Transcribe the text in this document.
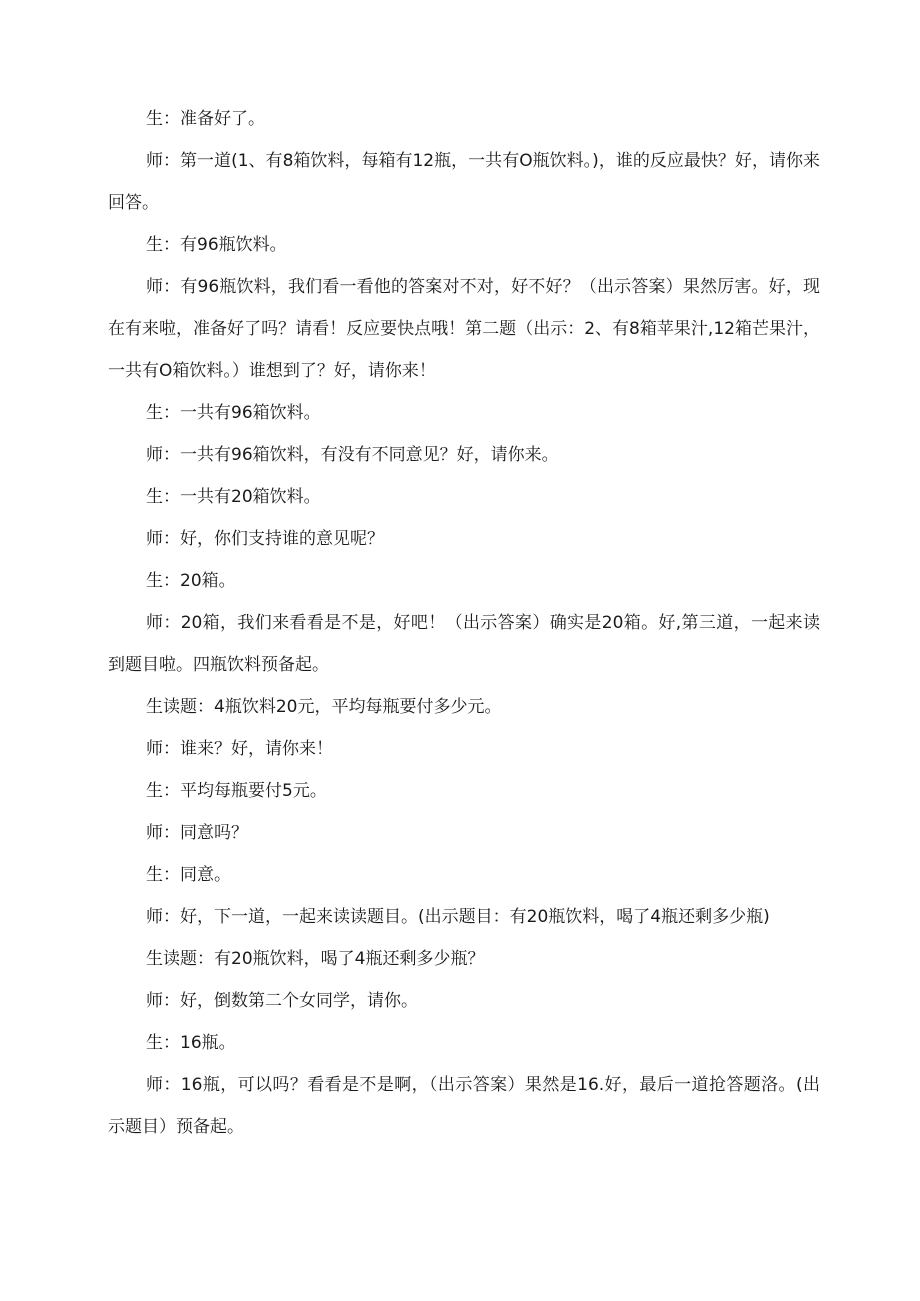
生：准备好了。

师：第一道(1、有8箱饮料，每箱有12瓶，一共有O瓶饮料。)，谁的反应最快？好，请你来回答。

生：有96瓶饮料。

师：有96瓶饮料，我们看一看他的答案对不对，好不好？（出示答案）果然厉害。好，现在有来啦，准备好了吗？请看！反应要快点哦！第二题（出示：2、有8箱苹果汁,12箱芒果汁，一共有O箱饮料。）谁想到了？好，请你来！

生：一共有96箱饮料。

师：一共有96箱饮料，有没有不同意见？好，请你来。

生：一共有20箱饮料。

师：好，你们支持谁的意见呢？

生：20箱。

师：20箱，我们来看看是不是，好吧！（出示答案）确实是20箱。好,第三道，一起来读到题目啦。四瓶饮料预备起。

生读题：4瓶饮料20元，平均每瓶要付多少元。

师：谁来？好，请你来！

生：平均每瓶要付5元。

师：同意吗？

生：同意。

师：好，下一道，一起来读读题目。(出示题目：有20瓶饮料，喝了4瓶还剩多少瓶)

生读题：有20瓶饮料，喝了4瓶还剩多少瓶？

师：好，倒数第二个女同学，请你。

生：16瓶。

师：16瓶，可以吗？看看是不是啊，（出示答案）果然是16.好，最后一道抢答题洛。(出示题目）预备起。
